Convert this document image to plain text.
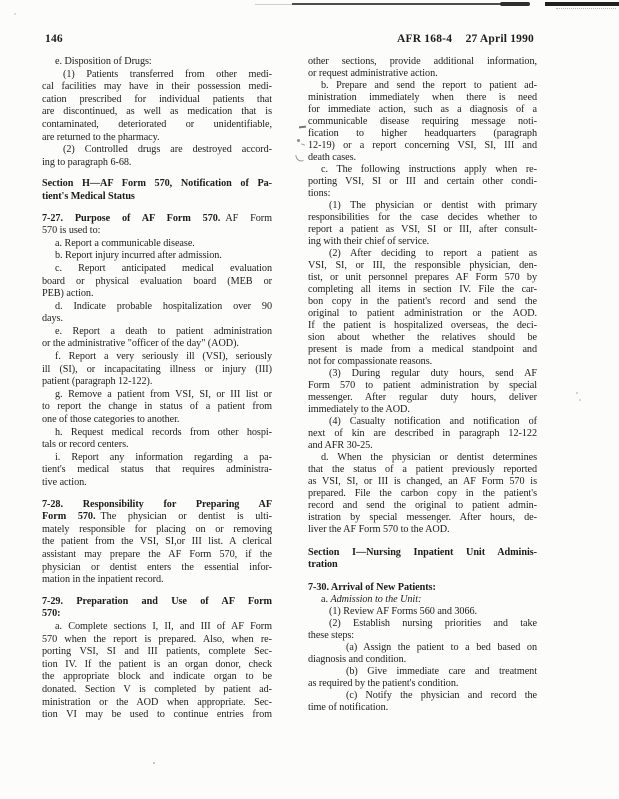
146	AFR 168-4 27 April 1990
e. Disposition of Drugs:
(1) Patients transferred from other medi-
cal facilities may have in their possession medi-
cation prescribed for individual patients that
are discontinued, as well as medication that is
contaminated, deteriorated or unidentifiable,
are returned to the pharmacy.
(2) Controlled drugs are destroyed accord-
ing to paragraph 6-68.
Section H—AF Form 570, Notification of Pa-
tient's Medical Status
7-27. Purpose of AF Form 570. AF Form
570 is used to:
a. Report a communicable disease.
b. Report injury incurred after admission.
c. Report anticipated medical evaluation
board or physical evaluation board (MEB or
PEB) action.
d. Indicate probable hospitalization over 90
days.
e. Report a death to patient administration
or the administrative "officer of the day" (AOD).
f. Report a very seriously ill (VSI), seriously
ill (SI), or incapacitating illness or injury (III)
patient (paragraph 12-122).
g. Remove a patient from VSI, SI, or III list or
to report the change in status of a patient from
one of those categories to another.
h. Request medical records from other hospi-
tals or record centers.
i. Report any information regarding a pa-
tient's medical status that requires administra-
tive action.
7-28. Responsibility for Preparing AF
Form 570. The physician or dentist is ulti-
mately responsible for placing on or removing
the patient from the VSI, SI,or III list. A clerical
assistant may prepare the AF Form 570, if the
physician or dentist enters the essential infor-
mation in the inpatient record.
7-29. Preparation and Use of AF Form
570:
a. Complete sections I, II, and III of AF Form
570 when the report is prepared. Also, when re-
porting VSI, SI and III patients, complete Sec-
tion IV. If the patient is an organ donor, check
the appropriate block and indicate organ to be
donated. Section V is completed by patient ad-
ministration or the AOD when appropriate. Sec-
tion VI may be used to continue entries from
other sections, provide additional information,
or request administrative action.
b. Prepare and send the report to patient ad-
ministration immediately when there is need
for immediate action, such as a diagnosis of a
communicable disease requiring message noti-
fication to higher headquarters (paragraph
12-19) or a report concerning VSI, SI, III and
death cases.
c. The following instructions apply when re-
porting VSI, SI or III and certain other condi-
tions:
(1) The physician or dentist with primary
responsibilities for the case decides whether to
report a patient as VSI, SI or III, after consult-
ing with their chief of service.
(2) After deciding to report a patient as
VSI, SI, or III, the responsible physician, den-
tist, or unit personnel prepares AF Form 570 by
completing all items in section IV. File the car-
bon copy in the patient's record and send the
original to patient administration or the AOD.
If the patient is hospitalized overseas, the deci-
sion about whether the relatives should be
present is made from a medical standpoint and
not for compassionate reasons.
(3) During regular duty hours, send AF
Form 570 to patient administration by special
messenger. After regular duty hours, deliver
immediately to the AOD.
(4) Casualty notification and notification of
next of kin are described in paragraph 12-122
and AFR 30-25.
d. When the physician or dentist determines
that the status of a patient previously reported
as VSI, SI, or III is changed, an AF Form 570 is
prepared. File the carbon copy in the patient's
record and send the original to patient admin-
istration by special messenger. After hours, de-
liver the AF Form 570 to the AOD.
Section I—Nursing Inpatient Unit Adminis-
tration
7-30. Arrival of New Patients:
a. Admission to the Unit:
(1) Review AF Forms 560 and 3066.
(2) Establish nursing priorities and take
these steps:
(a) Assign the patient to a bed based on
diagnosis and condition.
(b) Give immediate care and treatment
as required by the patient's condition.
(c) Notify the physician and record the
time of notification.
